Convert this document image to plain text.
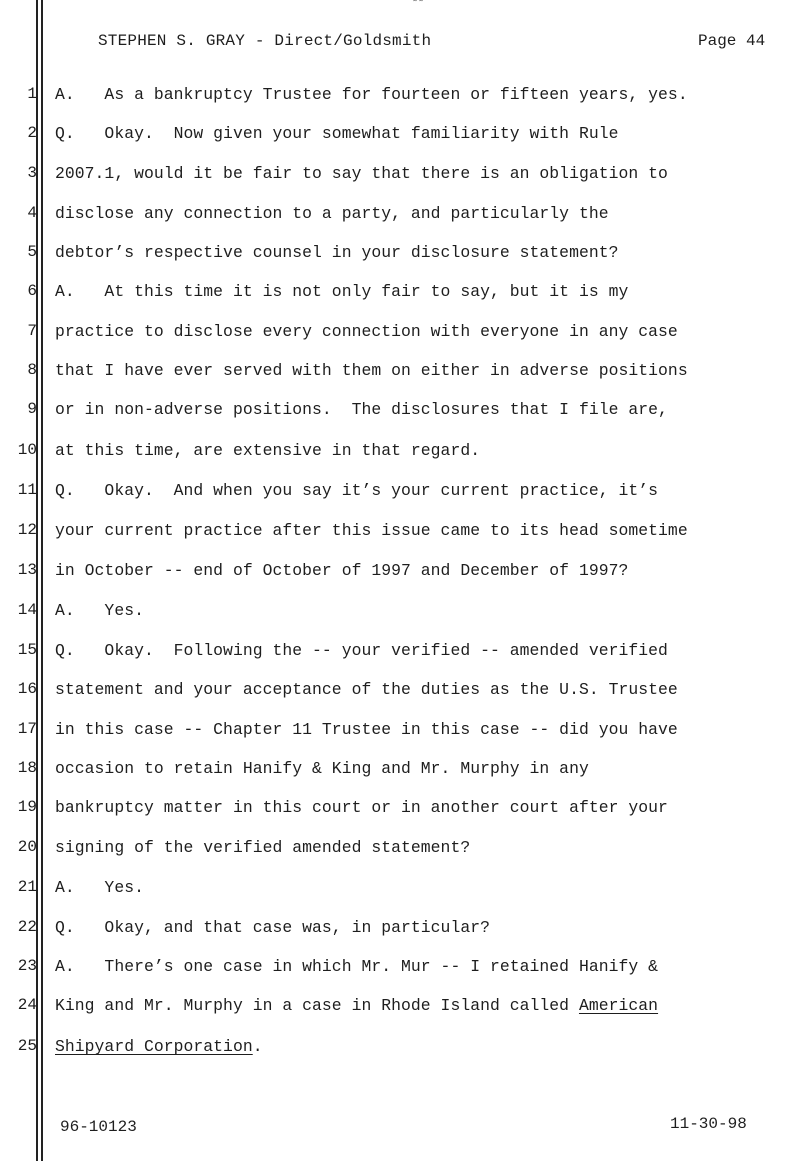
˜˜
STEPHEN S. GRAY - Direct/Goldsmith	Page 44
1 A.   As a bankruptcy Trustee for fourteen or fifteen years, yes.
2 Q.   Okay.  Now given your somewhat familiarity with Rule
3 2007.1, would it be fair to say that there is an obligation to
4 disclose any connection to a party, and particularly the
5 debtor’s respective counsel in your disclosure statement?
6 A.   At this time it is not only fair to say, but it is my
7 practice to disclose every connection with everyone in any case
8 that I have ever served with them on either in adverse positions
9 or in non-adverse positions.  The disclosures that I file are,
10 at this time, are extensive in that regard.
11 Q.   Okay.  And when you say it’s your current practice, it’s
12 your current practice after this issue came to its head sometime
13 in October -- end of October of 1997 and December of 1997?
14 A.   Yes.
15 Q.   Okay.  Following the -- your verified -- amended verified
16 statement and your acceptance of the duties as the U.S. Trustee
17 in this case -- Chapter 11 Trustee in this case -- did you have
18 occasion to retain Hanify & King and Mr. Murphy in any
19 bankruptcy matter in this court or in another court after your
20 signing of the verified amended statement?
21 A.   Yes.
22 Q.   Okay, and that case was, in particular?
23 A.   There’s one case in which Mr. Mur -- I retained Hanify &
24 King and Mr. Murphy in a case in Rhode Island called American
25 Shipyard Corporation.
96-10123	11-30-98
